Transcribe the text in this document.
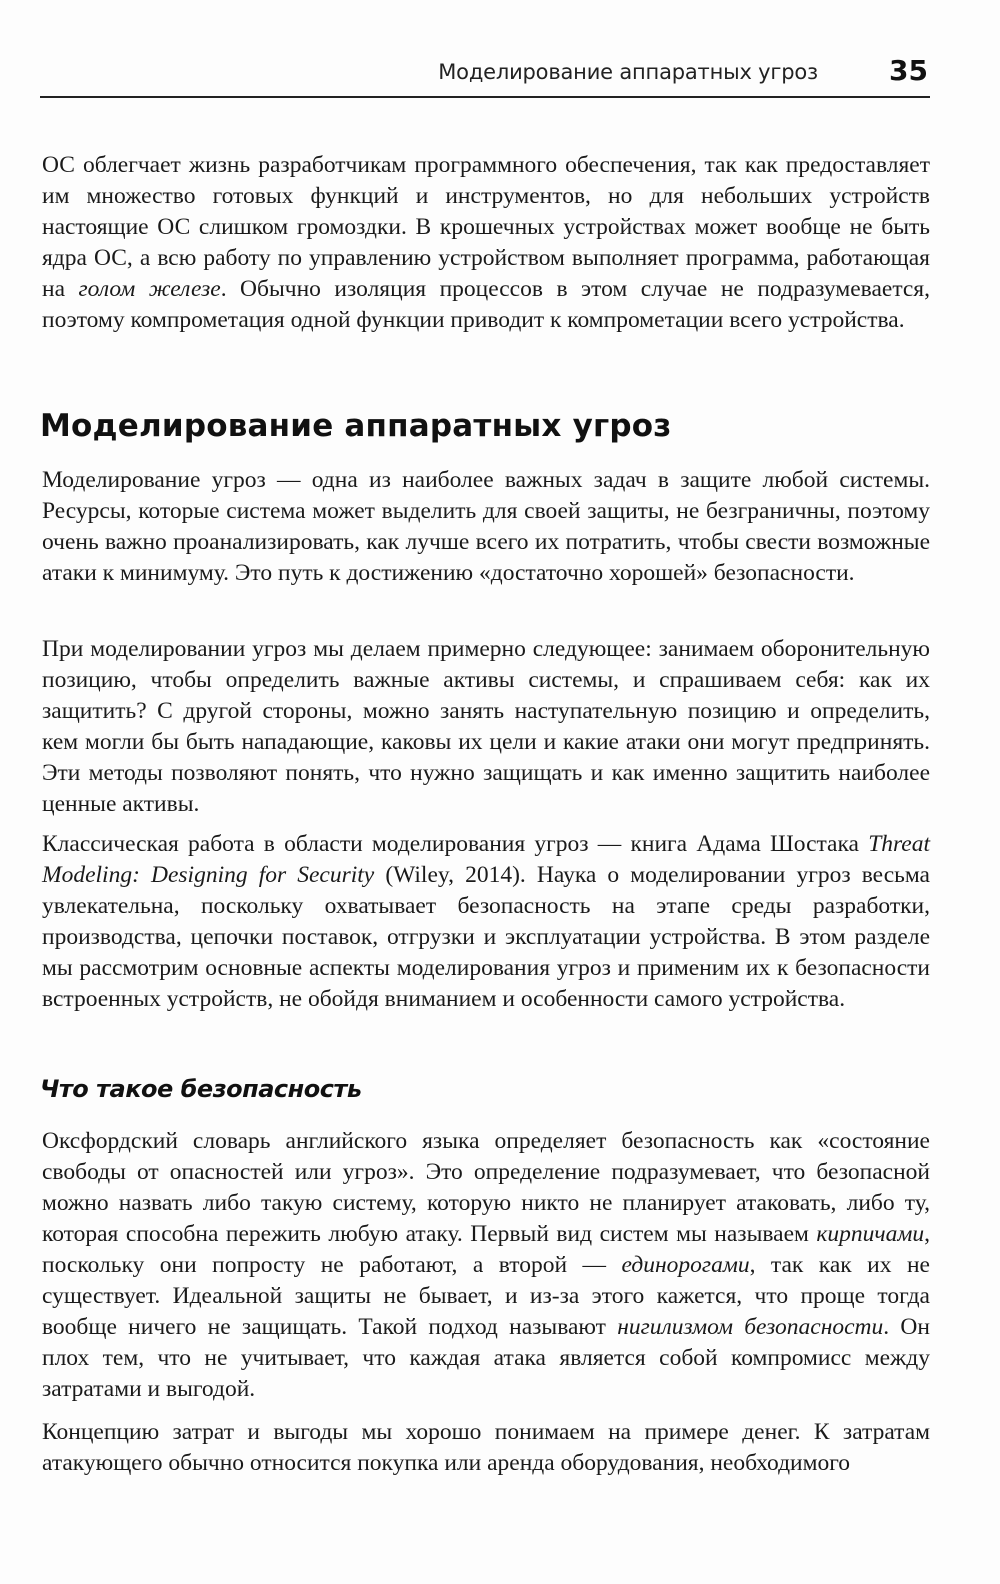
Моделирование аппаратных угроз	35

ОС облегчает жизнь разработчикам программного обеспечения, так как предоставляет им множество готовых функций и инструментов, но для небольших устройств настоящие ОС слишком громоздки. В крошечных устройствах может вообще не быть ядра ОС, а всю работу по управлению устройством выполняет программа, работающая на голом железе. Обычно изоляция процессов в этом случае не подразумевается, поэтому компрометация одной функции приводит к компрометации всего устройства.

Моделирование аппаратных угроз

Моделирование угроз — одна из наиболее важных задач в защите любой системы. Ресурсы, которые система может выделить для своей защиты, не безграничны, поэтому очень важно проанализировать, как лучше всего их потратить, чтобы свести возможные атаки к минимуму. Это путь к достижению «достаточно хорошей» безопасности.

При моделировании угроз мы делаем примерно следующее: занимаем оборонительную позицию, чтобы определить важные активы системы, и спрашиваем себя: как их защитить? С другой стороны, можно занять наступательную позицию и определить, кем могли бы быть нападающие, каковы их цели и какие атаки они могут предпринять. Эти методы позволяют понять, что нужно защищать и как именно защитить наиболее ценные активы.

Классическая работа в области моделирования угроз — книга Адама Шостака Threat Modeling: Designing for Security (Wiley, 2014). Наука о моделировании угроз весьма увлекательна, поскольку охватывает безопасность на этапе среды разработки, производства, цепочки поставок, отгрузки и эксплуатации устройства. В этом разделе мы рассмотрим основные аспекты моделирования угроз и применим их к безопасности встроенных устройств, не обойдя вниманием и особенности самого устройства.

Что такое безопасность

Оксфордский словарь английского языка определяет безопасность как «состояние свободы от опасностей или угроз». Это определение подразумевает, что безопасной можно назвать либо такую систему, которую никто не планирует атаковать, либо ту, которая способна пережить любую атаку. Первый вид систем мы называем кирпичами, поскольку они попросту не работают, а второй — единорогами, так как их не существует. Идеальной защиты не бывает, и из-за этого кажется, что проще тогда вообще ничего не защищать. Такой подход называют нигилизмом безопасности. Он плох тем, что не учитывает, что каждая атака является собой компромисс между затратами и выгодой.

Концепцию затрат и выгоды мы хорошо понимаем на примере денег. К затратам атакующего обычно относится покупка или аренда оборудования, необходимого
